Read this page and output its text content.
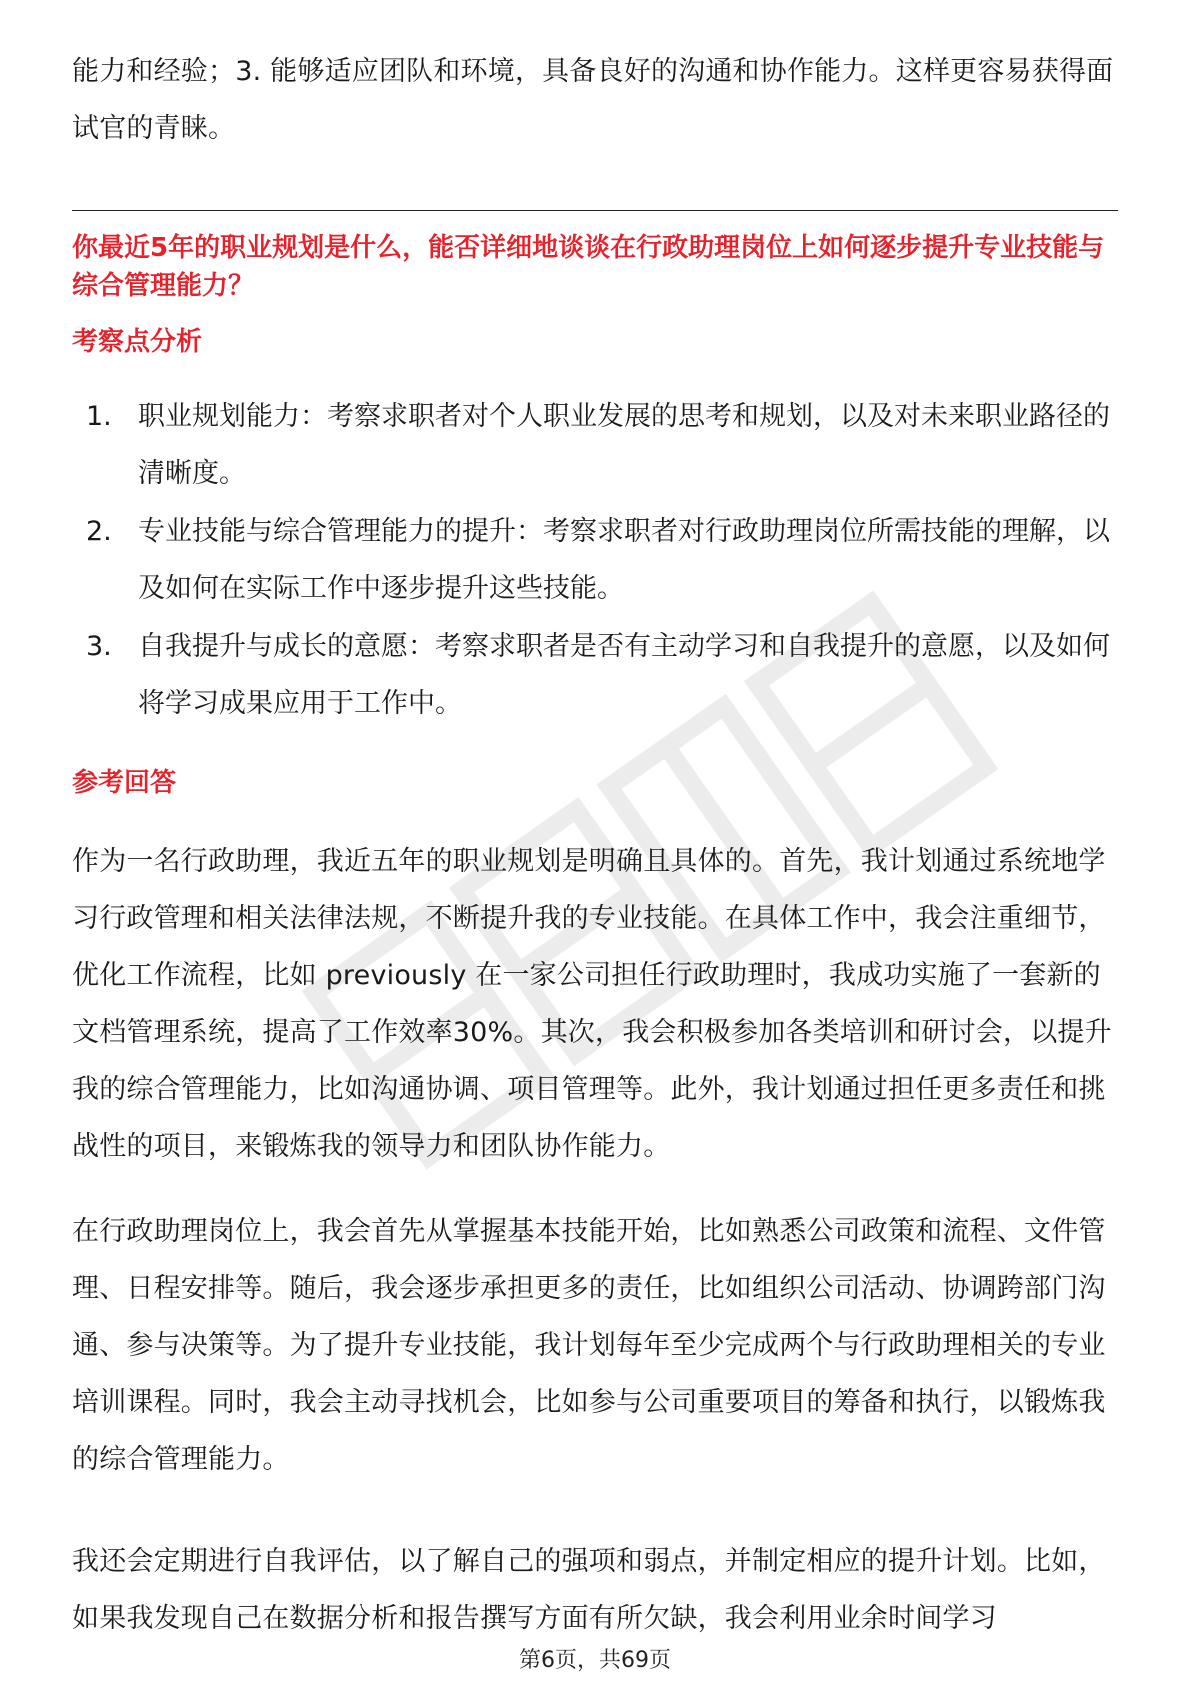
能力和经验；3. 能够适应团队和环境，具备良好的沟通和协作能力。这样更容易获得面试官的青睐。

你最近5年的职业规划是什么，能否详细地谈谈在行政助理岗位上如何逐步提升专业技能与综合管理能力？

考察点分析

1. 职业规划能力：考察求职者对个人职业发展的思考和规划，以及对未来职业路径的清晰度。
2. 专业技能与综合管理能力的提升：考察求职者对行政助理岗位所需技能的理解，以及如何在实际工作中逐步提升这些技能。
3. 自我提升与成长的意愿：考察求职者是否有主动学习和自我提升的意愿，以及如何将学习成果应用于工作中。

参考回答

作为一名行政助理，我近五年的职业规划是明确且具体的。首先，我计划通过系统地学习行政管理和相关法律法规，不断提升我的专业技能。在具体工作中，我会注重细节，优化工作流程，比如 previously 在一家公司担任行政助理时，我成功实施了一套新的文档管理系统，提高了工作效率30%。其次，我会积极参加各类培训和研讨会，以提升我的综合管理能力，比如沟通协调、项目管理等。此外，我计划通过担任更多责任和挑战性的项目，来锻炼我的领导力和团队协作能力。

在行政助理岗位上，我会首先从掌握基本技能开始，比如熟悉公司政策和流程、文件管理、日程安排等。随后，我会逐步承担更多的责任，比如组织公司活动、协调跨部门沟通、参与决策等。为了提升专业技能，我计划每年至少完成两个与行政助理相关的专业培训课程。同时，我会主动寻找机会，比如参与公司重要项目的筹备和执行，以锻炼我的综合管理能力。

我还会定期进行自我评估，以了解自己的强项和弱点，并制定相应的提升计划。比如，如果我发现自己在数据分析和报告撰写方面有所欠缺，我会利用业余时间学习

第6页，共69页
